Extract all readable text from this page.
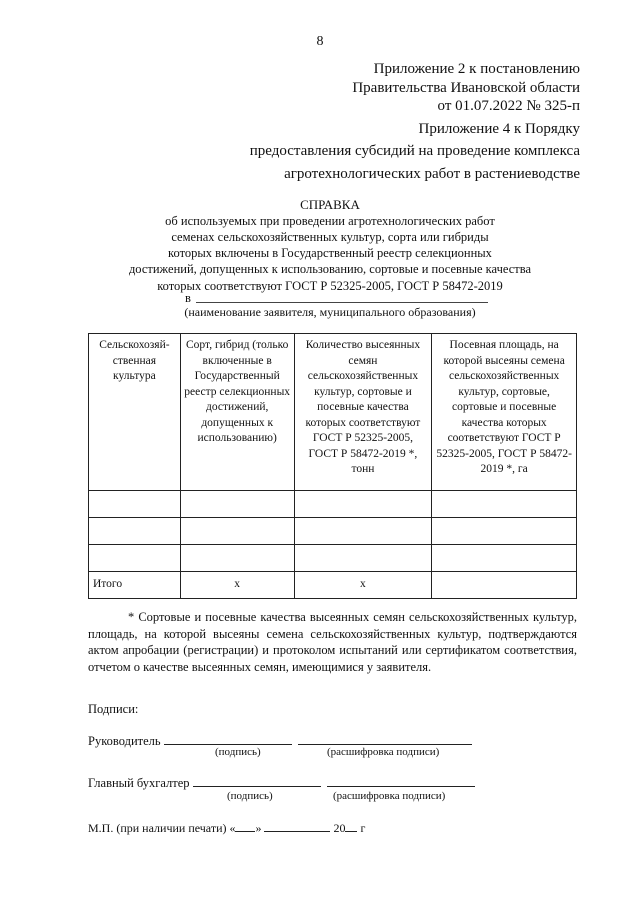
8
Приложение 2 к постановлению
Правительства Ивановской области
от 01.07.2022 № 325-п
Приложение 4 к Порядку
предоставления субсидий на проведение комплекса
агротехнологических работ в растениеводстве
СПРАВКА
об используемых при проведении агротехнологических работ
семенах сельскохозяйственных культур, сорта или гибриды
которых включены в Государственный реестр селекционных
достижений, допущенных к использованию, сортовые и посевные качества
которых соответствуют ГОСТ Р 52325-2005, ГОСТ Р 58472-2019
в
(наименование заявителя, муниципального образования)
Сельскохозяй-ственная культура	Сорт, гибрид (только включенные в Государственный реестр селекционных достижений, допущенных к использованию)	Количество высеянных семян сельскохозяйственных культур, сортовые и посевные качества которых соответствуют ГОСТ Р 52325-2005, ГОСТ Р 58472-2019 *, тонн	Посевная площадь, на которой высеяны семена сельскохозяйственных культур, сортовые, сортовые и посевные качества которых соответствуют ГОСТ Р 52325-2005, ГОСТ Р 58472-2019 *, га

Итого	х	х	
* Сортовые и посевные качества высеянных семян сельскохозяйственных культур, площадь, на которой высеяны семена сельскохозяйственных культур, подтверждаются актом апробации (регистрации) и протоколом испытаний или сертификатом соответствия, отчетом о качестве высеянных семян, имеющимися у заявителя.
Подписи:
Руководитель
(подпись)	(расшифровка подписи)
Главный бухгалтер
(подпись)	(расшифровка подписи)
М.П. (при наличии печати) « »	20 г
